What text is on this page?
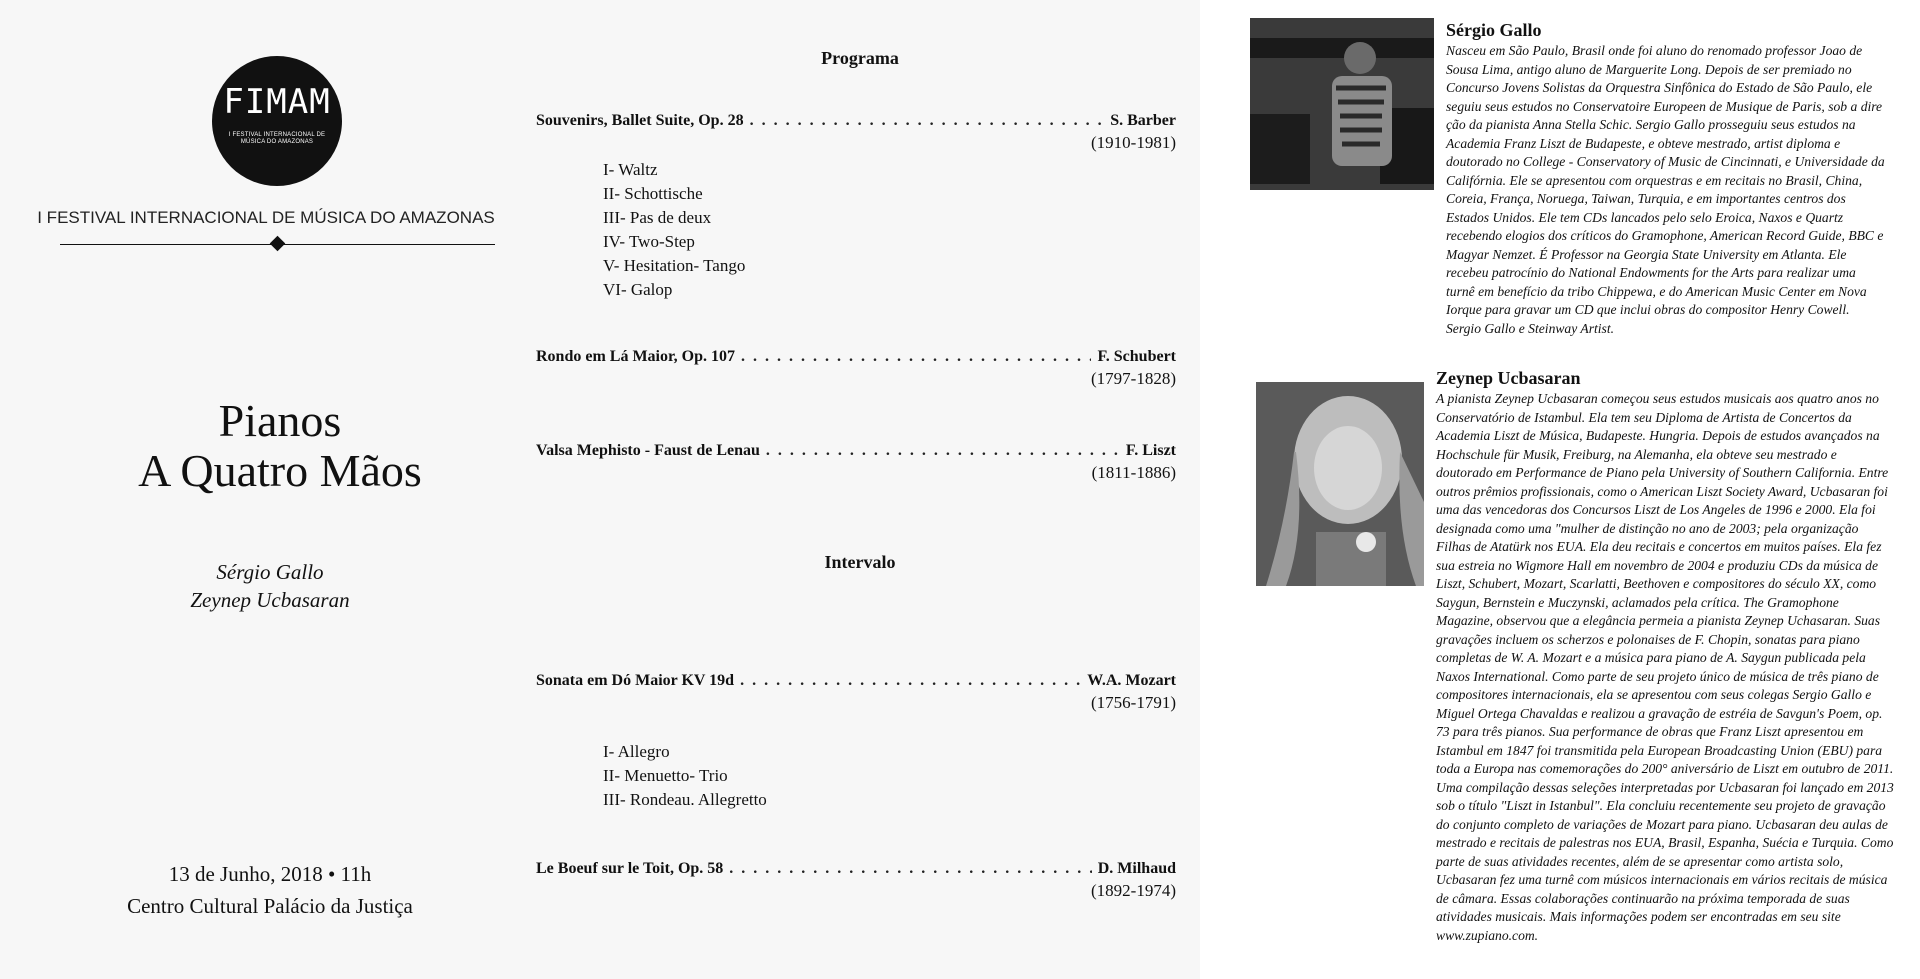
FIMAM
I FESTIVAL INTERNACIONAL DE MÚSICA DO AMAZONAS
I FESTIVAL INTERNACIONAL DE MÚSICA DO AMAZONAS
Pianos
A Quatro Mãos
Sérgio Gallo
Zeynep Ucbasaran
13 de Junho, 2018 • 11h
Centro Cultural Palácio da Justiça
Programa
Souvenirs, Ballet Suite, Op. 28 . . .	S. Barber
(1910-1981)
I- Waltz
II- Schottische
III- Pas de deux
IV- Two-Step
V- Hesitation- Tango
VI- Galop
Rondo em Lá Maior, Op. 107 . . .	F. Schubert
(1797-1828)
Valsa Mephisto - Faust de Lenau . . .	F. Liszt
(1811-1886)
Intervalo
Sonata em Dó Maior KV 19d . . .	W.A. Mozart
(1756-1791)
I- Allegro
II- Menuetto- Trio
III- Rondeau. Allegretto
Le Boeuf sur le Toit, Op. 58 . . .	D. Milhaud
(1892-1974)
Sérgio Gallo

Nasceu em São Paulo, Brasil onde foi aluno do renomado professor Joao de Sousa Lima, antigo aluno de Marguerite Long. Depois de ser premiado no Concurso Jovens Solistas da Orquestra Sinfônica do Estado de São Paulo, ele seguiu seus estudos no Conservatoire Europeen de Musique de Paris, sob a dire ção da pianista Anna Stella Schic. Sergio Gallo prosseguiu seus estudos na Academia Franz Liszt de Budapeste, e obteve mestrado, artist diploma e doutorado no College - Conservatory of Music de Cincinnati, e Universidade da Califórnia. Ele se apresentou com orquestras e em recitais no Brasil, China, Coreia, França, Noruega, Taiwan, Turquia, e em importantes centros dos Estados Unidos. Ele tem CDs lancados pelo selo Eroica, Naxos e Quartz recebendo elogios dos críticos do Gramophone, American Record Guide, BBC e Magyar Nemzet. É Professor na Georgia State University em Atlanta. Ele recebeu patrocínio do National Endowments for the Arts para realizar uma turnê em benefício da tribo Chippewa, e do American Music Center em Nova Iorque para gravar um CD que inclui obras do compositor Henry Cowell. Sergio Gallo e Steinway Artist.

Zeynep Ucbasaran

A pianista Zeynep Ucbasaran começou seus estudos musicais aos quatro anos no Conservatório de Istambul. Ela tem seu Diploma de Artista de Concertos da Academia Liszt de Música, Budapeste. Hungria. Depois de estudos avançados na Hochschule für Musik, Freiburg, na Alemanha, ela obteve seu mestrado e doutorado em Performance de Piano pela University of Southern California. Entre outros prêmios profissionais, como o American Liszt Society Award, Ucbasaran foi uma das vencedoras dos Concursos Liszt de Los Angeles de 1996 e 2000. Ela foi designada como uma "mulher de distinção no ano de 2003; pela organização Filhas de Atatürk nos EUA. Ela deu recitais e concertos em muitos países. Ela fez sua estreia no Wigmore Hall em novembro de 2004 e produziu CDs da música de Liszt, Schubert, Mozart, Scarlatti, Beethoven e compositores do século XX, como Saygun, Bernstein e Muczynski, aclamados pela crítica. The Gramophone Magazine, observou que a elegância permeia a pianista Zeynep Uchasaran. Suas gravações incluem os scherzos e polonaises de F. Chopin, sonatas para piano completas de W. A. Mozart e a música para piano de A. Saygun publicada pela Naxos International. Como parte de seu projeto único de música de três piano de compositores internacionais, ela se apresentou com seus colegas Sergio Gallo e Miguel Ortega Chavaldas e realizou a gravação de estréia de Savgun's Poem, op. 73 para três pianos. Sua performance de obras que Franz Liszt apresentou em Istambul em 1847 foi transmitida pela European Broadcasting Union (EBU) para toda a Europa nas comemorações do 200° aniversário de Liszt em outubro de 2011. Uma compilação dessas seleções interpretadas por Ucbasaran foi lançado em 2013 sob o título "Liszt in Istanbul". Ela concluiu recentemente seu projeto de gravação do conjunto completo de variações de Mozart para piano. Ucbasaran deu aulas de mestrado e recitais de palestras nos EUA, Brasil, Espanha, Suécia e Turquia. Como parte de suas atividades recentes, além de se apresentar como artista solo, Ucbasaran fez uma turnê com músicos internacionais em vários recitais de música de câmara. Essas colaborações continuarão na próxima temporada de suas atividades musicais. Mais informações podem ser encontradas em seu site www.zupiano.com.
